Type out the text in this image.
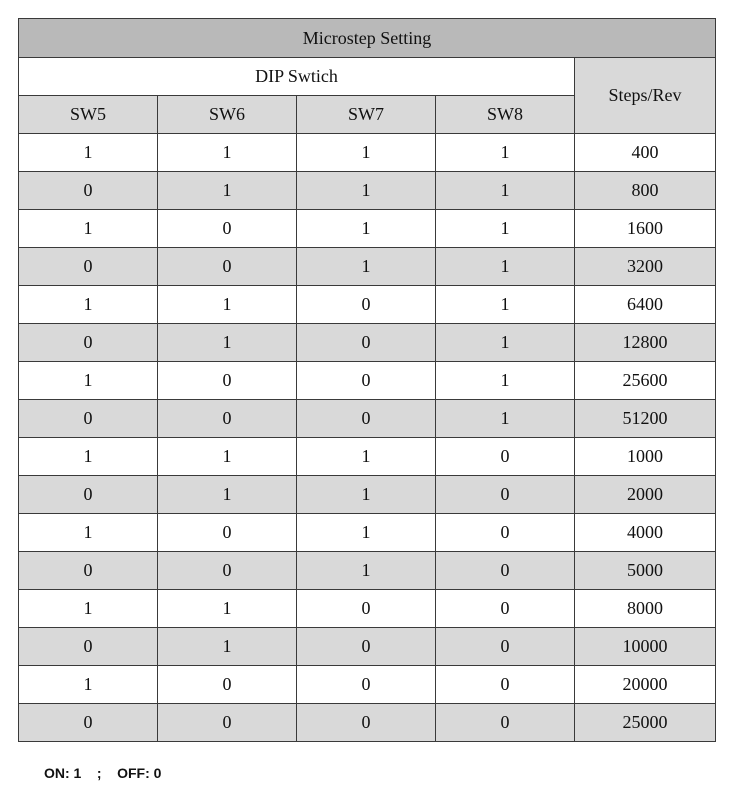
Microstep Setting				
DIP Swtich				Steps/Rev
SW5	SW6	SW7	SW8	
1	1	1	1	400
0	1	1	1	800
1	0	1	1	1600
0	0	1	1	3200
1	1	0	1	6400
0	1	0	1	12800
1	0	0	1	25600
0	0	0	1	51200
1	1	1	0	1000
0	1	1	0	2000
1	0	1	0	4000
0	0	1	0	5000
1	1	0	0	8000
0	1	0	0	10000
1	0	0	0	20000
0	0	0	0	25000
ON: 1    ;    OFF: 0
